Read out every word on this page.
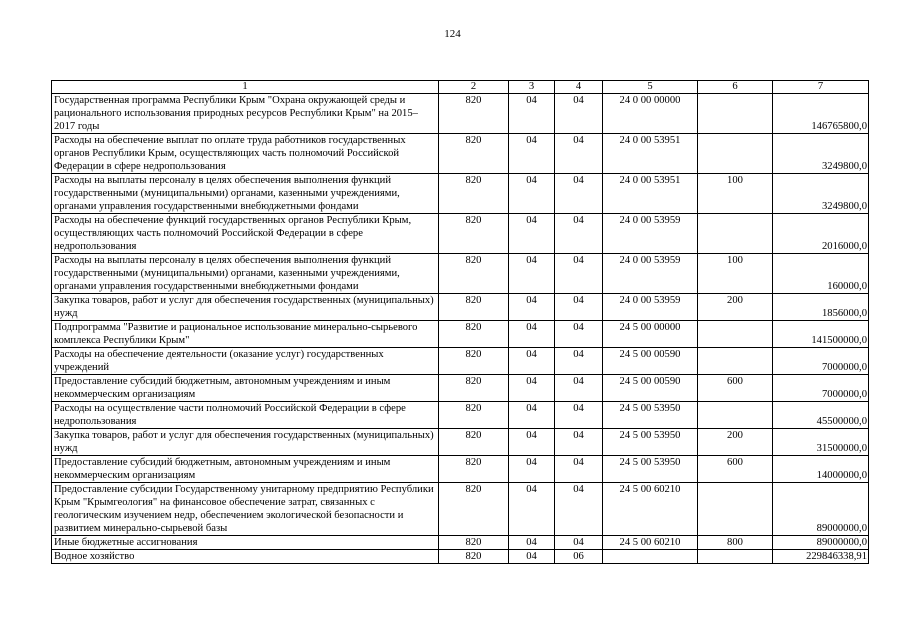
124
1	2	3	4	5	6	7
Государственная программа Республики Крым "Охрана окружающей среды и рационального использования природных ресурсов Республики Крым" на 2015–2017 годы	820	04	04	24 0 00 00000		146765800,0
Расходы на обеспечение выплат по оплате труда работников государственных органов Республики Крым, осуществляющих часть полномочий Российской Федерации в сфере недропользования	820	04	04	24 0 00 53951		3249800,0
Расходы на выплаты персоналу в целях обеспечения выполнения функций государственными (муниципальными) органами, казенными учреждениями, органами управления государственными внебюджетными фондами	820	04	04	24 0 00 53951	100	3249800,0
Расходы на обеспечение функций государственных органов Республики Крым, осуществляющих часть полномочий Российской Федерации в сфере недропользования	820	04	04	24 0 00 53959		2016000,0
Расходы на выплаты персоналу в целях обеспечения выполнения функций государственными (муниципальными) органами, казенными учреждениями, органами управления государственными внебюджетными фондами	820	04	04	24 0 00 53959	100	160000,0
Закупка товаров, работ и услуг для обеспечения государственных (муниципальных) нужд	820	04	04	24 0 00 53959	200	1856000,0
Подпрограмма "Развитие и рациональное использование минерально-сырьевого комплекса Республики Крым"	820	04	04	24 5 00 00000		141500000,0
Расходы на обеспечение деятельности (оказание услуг) государственных учреждений	820	04	04	24 5 00 00590		7000000,0
Предоставление субсидий бюджетным, автономным учреждениям и иным некоммерческим организациям	820	04	04	24 5 00 00590	600	7000000,0
Расходы на осуществление части полномочий Российской Федерации в сфере недропользования	820	04	04	24 5 00 53950		45500000,0
Закупка товаров, работ и услуг для обеспечения государственных (муниципальных) нужд	820	04	04	24 5 00 53950	200	31500000,0
Предоставление субсидий бюджетным, автономным учреждениям и иным некоммерческим организациям	820	04	04	24 5 00 53950	600	14000000,0
Предоставление субсидии Государственному унитарному предприятию Республики Крым "Крымгеология" на финансовое обеспечение затрат, связанных с геологическим изучением недр, обеспечением экологической безопасности и развитием минерально-сырьевой базы	820	04	04	24 5 00 60210		89000000,0
Иные бюджетные ассигнования	820	04	04	24 5 00 60210	800	89000000,0
Водное хозяйство	820	04	06			229846338,91
